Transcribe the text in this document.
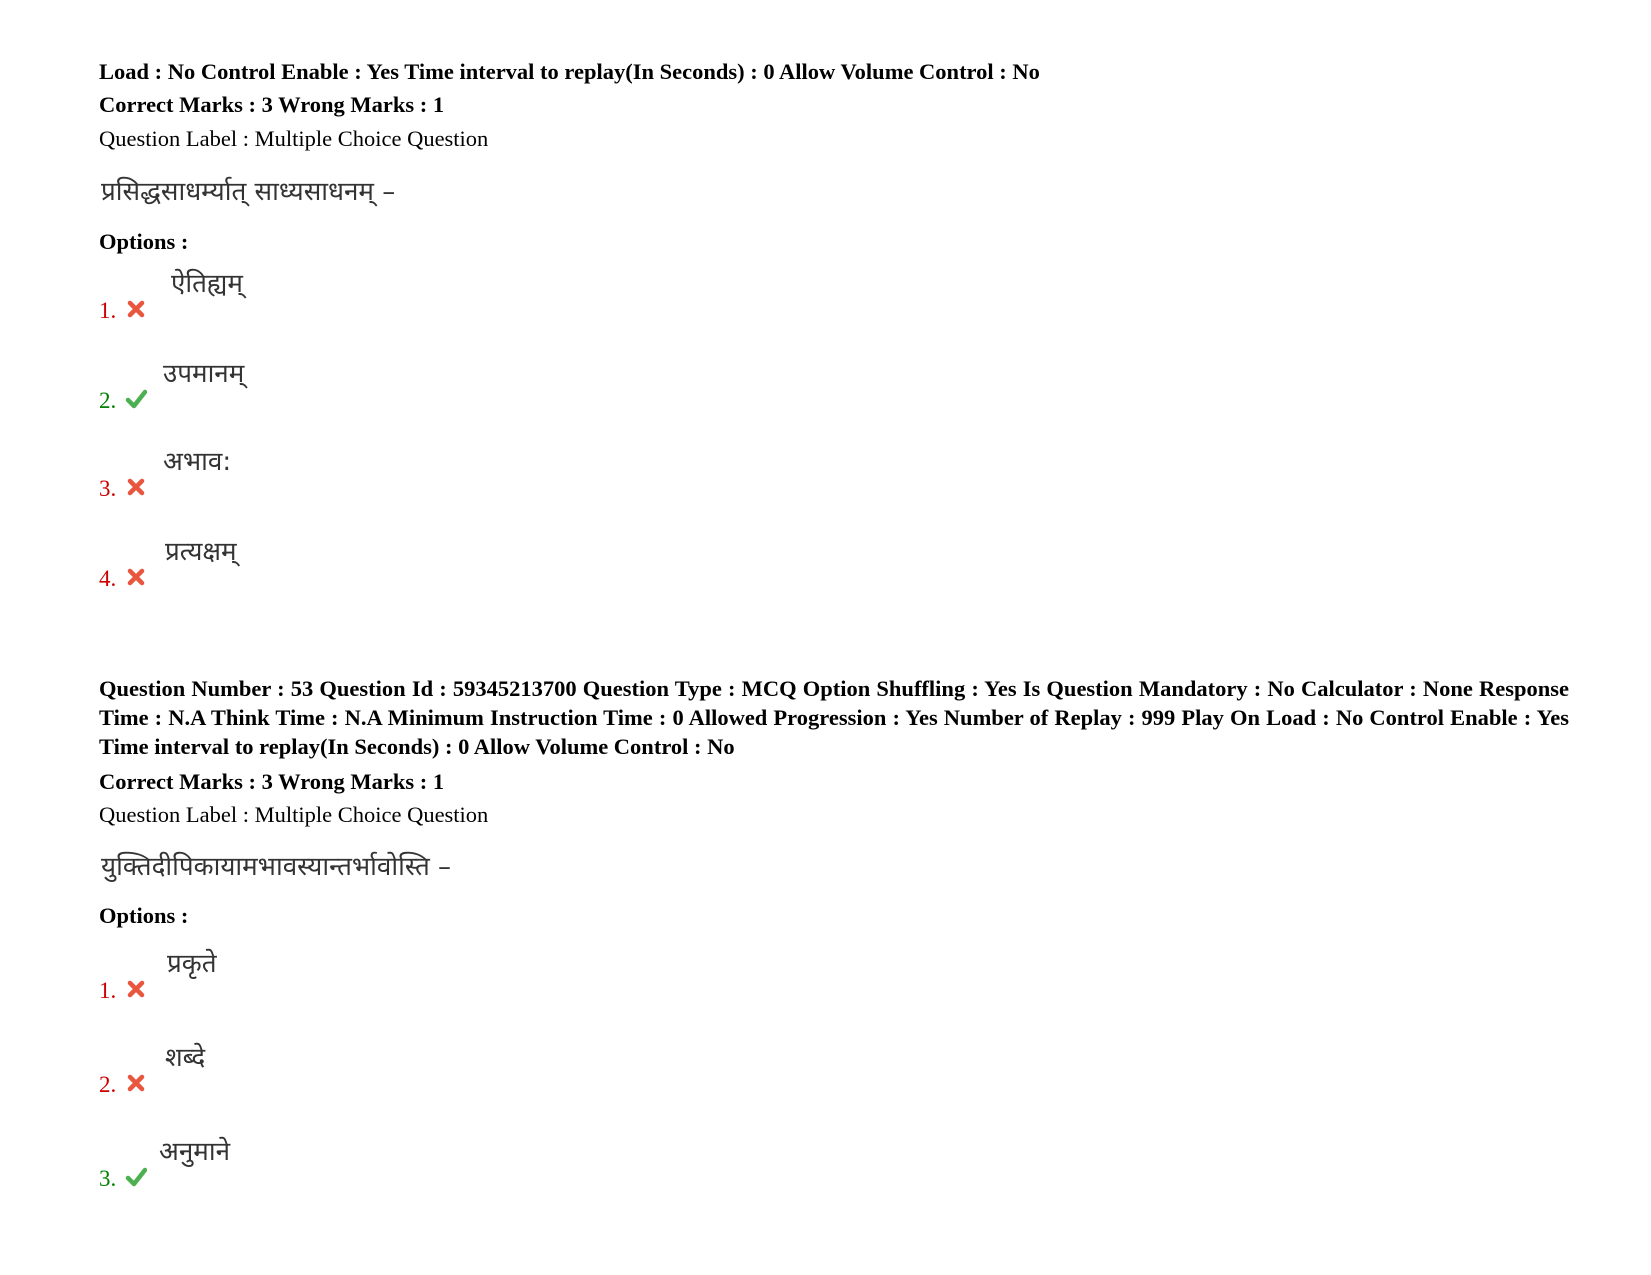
Load : No Control Enable : Yes Time interval to replay(In Seconds) : 0 Allow Volume Control : No
Correct Marks : 3 Wrong Marks : 1
Question Label : Multiple Choice Question
प्रसिद्धसाधर्म्यात् साध्यसाधनम् –
Options :
1.
ऐतिह्यम्
2.
उपमानम्
3.
अभाव:
4.
प्रत्यक्षम्
Question Number : 53 Question Id : 59345213700 Question Type : MCQ Option Shuffling : Yes Is Question Mandatory : No Calculator : None Response Time : N.A Think Time : N.A Minimum Instruction Time : 0 Allowed Progression : Yes Number of Replay : 999 Play On Load : No Control Enable : Yes Time interval to replay(In Seconds) : 0 Allow Volume Control : No
Correct Marks : 3 Wrong Marks : 1
Question Label : Multiple Choice Question
युक्तिदीपिकायामभावस्यान्तर्भावोस्ति –
Options :
1.
प्रकृते
2.
शब्दे
3.
अनुमाने
